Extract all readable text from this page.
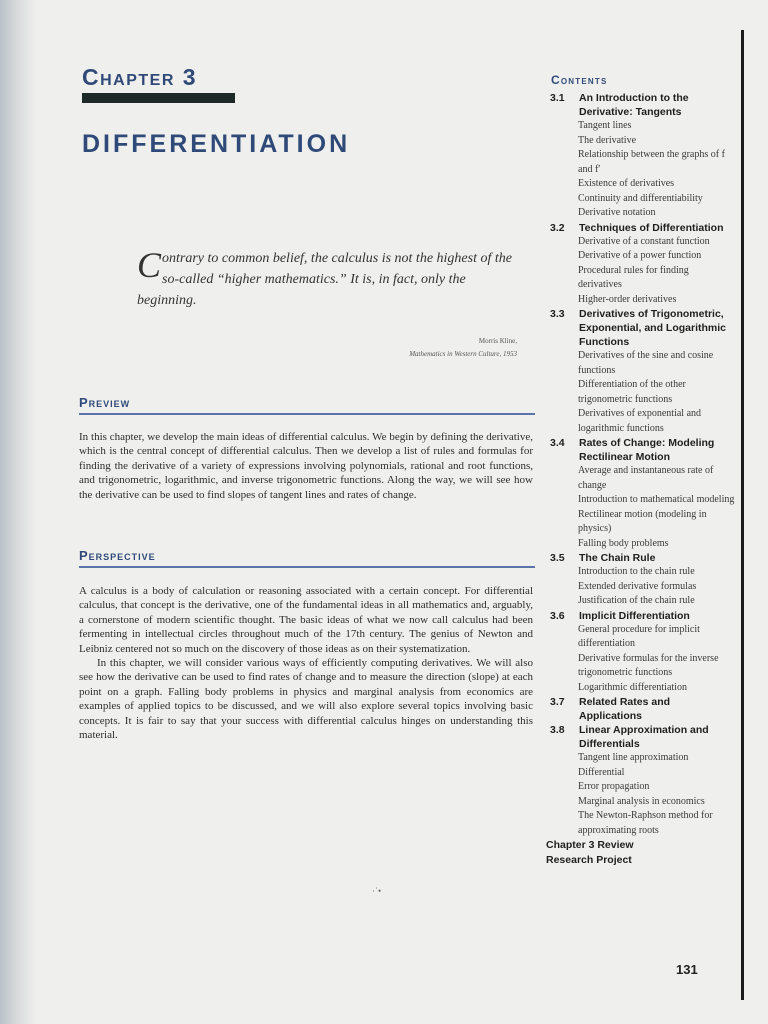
Chapter 3
DIFFERENTIATION
Contrary to common belief, the calculus is not the highest of the so-called “higher mathematics.” It is, in fact, only the beginning.
Morris Kline,
Mathematics in Western Culture, 1953
Preview

In this chapter, we develop the main ideas of differential calculus. We begin by defining the derivative, which is the central concept of differential calculus. Then we develop a list of rules and formulas for finding the derivative of a variety of expressions involving polynomials, rational and root functions, and trigonometric, logarithmic, and inverse trigonometric functions. Along the way, we will see how the derivative can be used to find slopes of tangent lines and rates of change.

Perspective

A calculus is a body of calculation or reasoning associated with a certain concept. For differential calculus, that concept is the derivative, one of the fundamental ideas in all mathematics and, arguably, a cornerstone of modern scientific thought. The basic ideas of what we now call calculus had been fermenting in intellectual circles throughout much of the 17th century. The genius of Newton and Leibniz centered not so much on the discovery of those ideas as on their systematization.

In this chapter, we will consider various ways of efficiently computing derivatives. We will also see how the derivative can be used to find rates of change and to measure the direction (slope) at each point on a graph. Falling body problems in physics and marginal analysis from economics are examples of applied topics to be discussed, and we will also explore several topics involving basic concepts. It is fair to say that your success with differential calculus hinges on understanding this material.

·˙•
Contents
3.1 An Introduction to the Derivative: Tangents
Tangent lines
The derivative
Relationship between the graphs of f and f′
Existence of derivatives
Continuity and differentiability
Derivative notation
3.2 Techniques of Differentiation
Derivative of a constant function
Derivative of a power function
Procedural rules for finding derivatives
Higher-order derivatives
3.3 Derivatives of Trigonometric, Exponential, and Logarithmic Functions
Derivatives of the sine and cosine functions
Differentiation of the other trigonometric functions
Derivatives of exponential and logarithmic functions
3.4 Rates of Change: Modeling Rectilinear Motion
Average and instantaneous rate of change
Introduction to mathematical modeling
Rectilinear motion (modeling in physics)
Falling body problems
3.5 The Chain Rule
Introduction to the chain rule
Extended derivative formulas
Justification of the chain rule
3.6 Implicit Differentiation
General procedure for implicit differentiation
Derivative formulas for the inverse trigonometric functions
Logarithmic differentiation
3.7 Related Rates and Applications
3.8 Linear Approximation and Differentials
Tangent line approximation
Differential
Error propagation
Marginal analysis in economics
The Newton-Raphson method for approximating roots
Chapter 3 Review
Research Project
131
